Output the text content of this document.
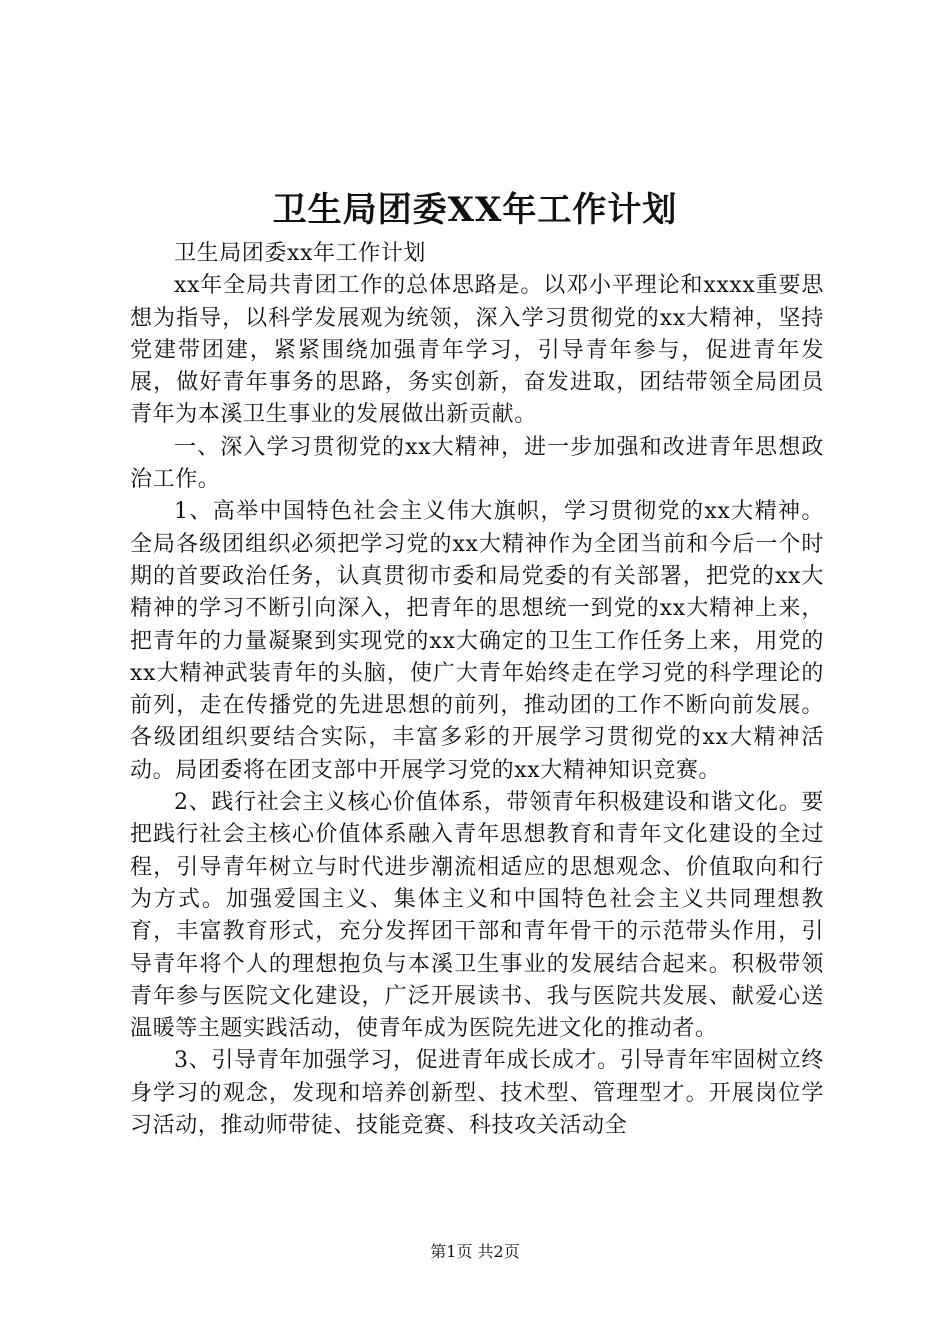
卫生局团委XX年工作计划

卫生局团委xx年工作计划

xx年全局共青团工作的总体思路是。以邓小平理论和xxxx重要思想为指导，以科学发展观为统领，深入学习贯彻党的xx大精神，坚持党建带团建，紧紧围绕加强青年学习，引导青年参与，促进青年发展，做好青年事务的思路，务实创新，奋发进取，团结带领全局团员青年为本溪卫生事业的发展做出新贡献。

一、深入学习贯彻党的xx大精神，进一步加强和改进青年思想政治工作。

1、高举中国特色社会主义伟大旗帜，学习贯彻党的xx大精神。全局各级团组织必须把学习党的xx大精神作为全团当前和今后一个时期的首要政治任务，认真贯彻市委和局党委的有关部署，把党的xx大精神的学习不断引向深入，把青年的思想统一到党的xx大精神上来，把青年的力量凝聚到实现党的xx大确定的卫生工作任务上来，用党的xx大精神武装青年的头脑，使广大青年始终走在学习党的科学理论的前列，走在传播党的先进思想的前列，推动团的工作不断向前发展。各级团组织要结合实际，丰富多彩的开展学习贯彻党的xx大精神活动。局团委将在团支部中开展学习党的xx大精神知识竞赛。

2、践行社会主义核心价值体系，带领青年积极建设和谐文化。要把践行社会主核心价值体系融入青年思想教育和青年文化建设的全过程，引导青年树立与时代进步潮流相适应的思想观念、价值取向和行为方式。加强爱国主义、集体主义和中国特色社会主义共同理想教育，丰富教育形式，充分发挥团干部和青年骨干的示范带头作用，引导青年将个人的理想抱负与本溪卫生事业的发展结合起来。积极带领青年参与医院文化建设，广泛开展读书、我与医院共发展、献爱心送温暖等主题实践活动，使青年成为医院先进文化的推动者。

3、引导青年加强学习，促进青年成长成才。引导青年牢固树立终身学习的观念，发现和培养创新型、技术型、管理型才。开展岗位学习活动，推动师带徒、技能竞赛、科技攻关活动全

第1页 共2页
